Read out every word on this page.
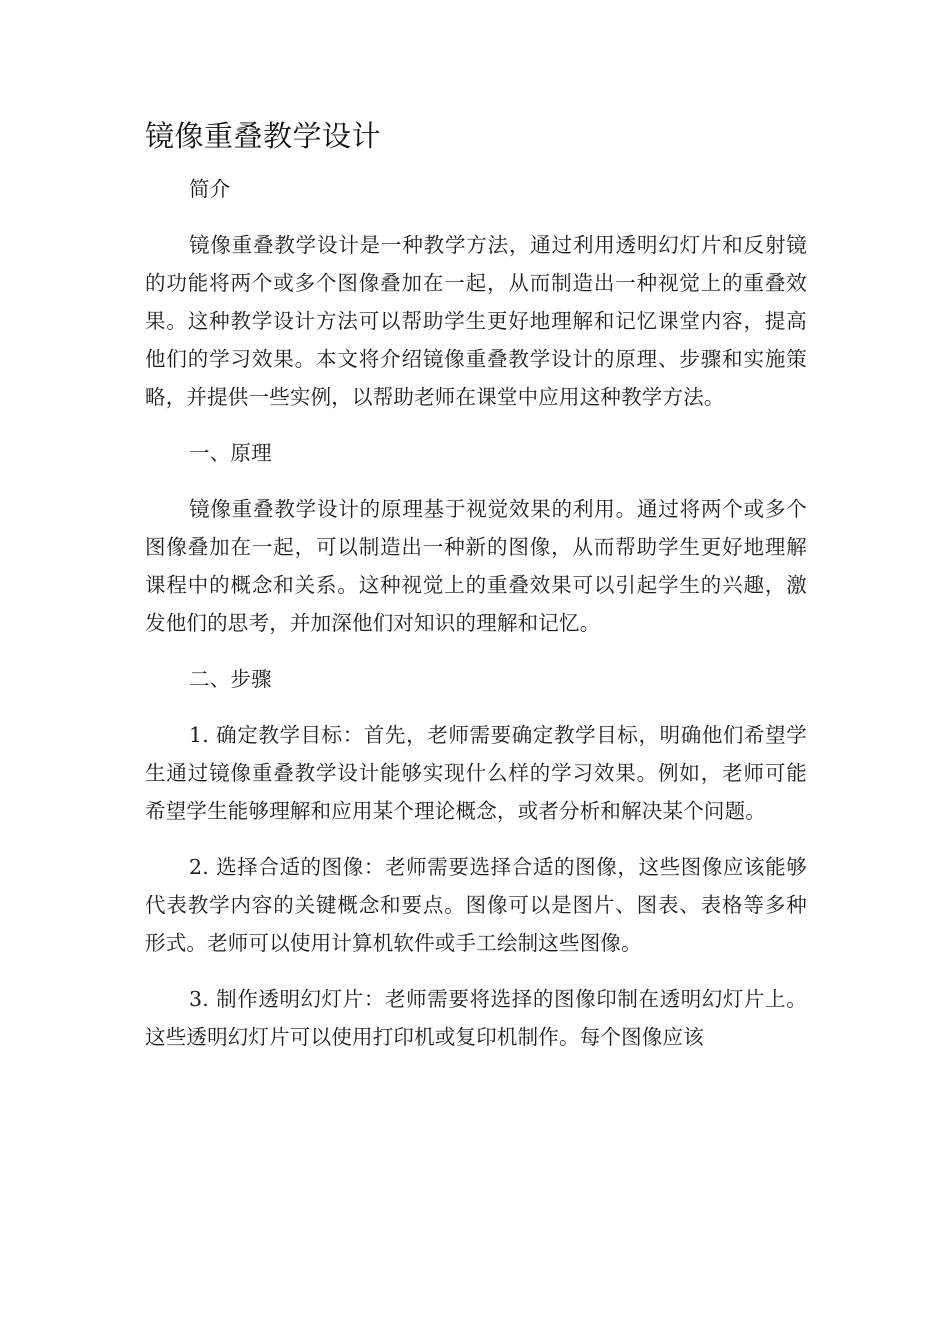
镜像重叠教学设计

简介

镜像重叠教学设计是一种教学方法，通过利用透明幻灯片和反射镜的功能将两个或多个图像叠加在一起，从而制造出一种视觉上的重叠效果。这种教学设计方法可以帮助学生更好地理解和记忆课堂内容，提高他们的学习效果。本文将介绍镜像重叠教学设计的原理、步骤和实施策略，并提供一些实例，以帮助老师在课堂中应用这种教学方法。

一、原理

镜像重叠教学设计的原理基于视觉效果的利用。通过将两个或多个图像叠加在一起，可以制造出一种新的图像，从而帮助学生更好地理解课程中的概念和关系。这种视觉上的重叠效果可以引起学生的兴趣，激发他们的思考，并加深他们对知识的理解和记忆。

二、步骤

1. 确定教学目标：首先，老师需要确定教学目标，明确他们希望学生通过镜像重叠教学设计能够实现什么样的学习效果。例如，老师可能希望学生能够理解和应用某个理论概念，或者分析和解决某个问题。

2. 选择合适的图像：老师需要选择合适的图像，这些图像应该能够代表教学内容的关键概念和要点。图像可以是图片、图表、表格等多种形式。老师可以使用计算机软件或手工绘制这些图像。

3. 制作透明幻灯片：老师需要将选择的图像印制在透明幻灯片上。这些透明幻灯片可以使用打印机或复印机制作。每个图像应该
